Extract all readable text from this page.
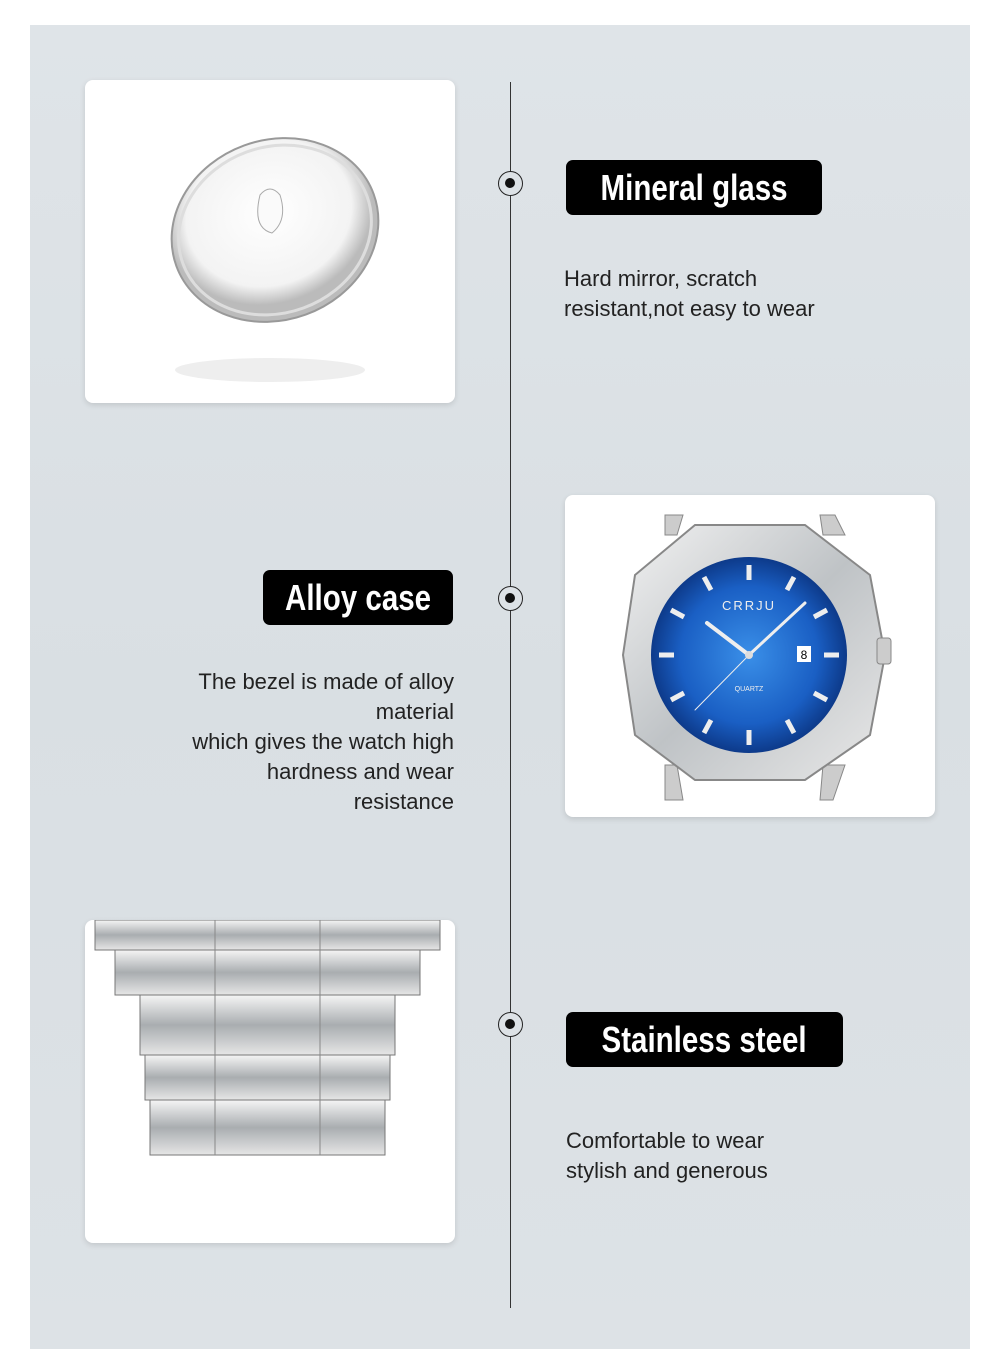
Mineral glass
Hard mirror, scratch
resistant,not easy to wear
Alloy case
The bezel is made of alloy
material
which gives the watch high
hardness and wear
resistance
8
CRRJU
QUARTZ
Stainless steel
Comfortable to wear
stylish and generous
